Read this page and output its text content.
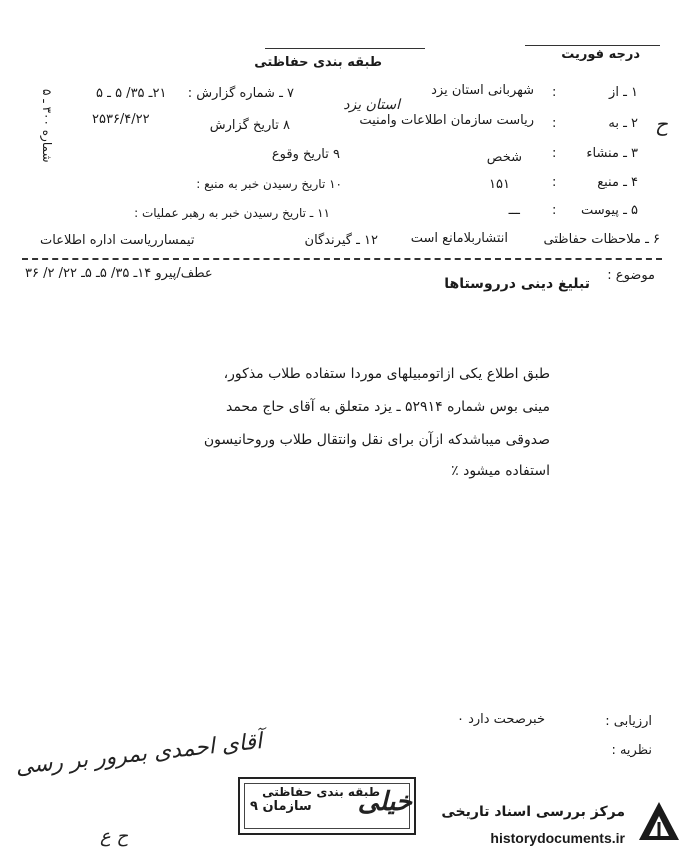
درجه فوریت
طبقه بندی حفاظتی
شماره ۳۰۰ ـ ۵
ح
۱ ـ از
:
شهربانی استان یزد
۷ ـ شماره گزارش :
۲۱ـ ۳۵/ ۵ ـ ۵
استان یزد
۲ ـ به
:
ریاست سازمان اطلاعات وامنیت
۸ تاریخ گزارش
۲۵۳۶/۴/۲۲
۳ ـ منشاء
:
شخص
۹ تاریخ وقوع
۴ ـ منبع
:
۱۵۱
۱۰ تاریخ رسیدن خبر به منبع :
۵ ـ پیوست
:
ـــ
۱۱ ـ تاریخ رسیدن خبر به رهبر عملیات :
۶ ـ ملاحظات حفاظتی
انتشاربلامانع است
۱۲ ـ گیرندگان
تیمسارریاست اداره اطلاعات
موضوع :
تبلیغ دینی درروستاها
عطف/پیرو ۱۴ـ ۳۵/ ۵ـ ۵ـ ۲۲/ ۲/ ۳۶
طبق اطلاع یکی ازاتومبیلهای موردا ستفاده طلاب مذکور،
مینی بوس شماره ۵۲۹۱۴ ـ یزد متعلق به آقای حاج محمد
صدوقی میباشدکه ازآن برای نقل وانتقال طلاب وروحانیسون
استفاده میشود ٪
ارزیابی :
خبرصحت دارد ٠
نظریه :
آقای احمدی بمرور بر رسی
ح ع
طبقه بندی حفاظتی
سازمان ۹ خیلی مرکز بررسی اسناد تاریخی
historydocuments.ir
